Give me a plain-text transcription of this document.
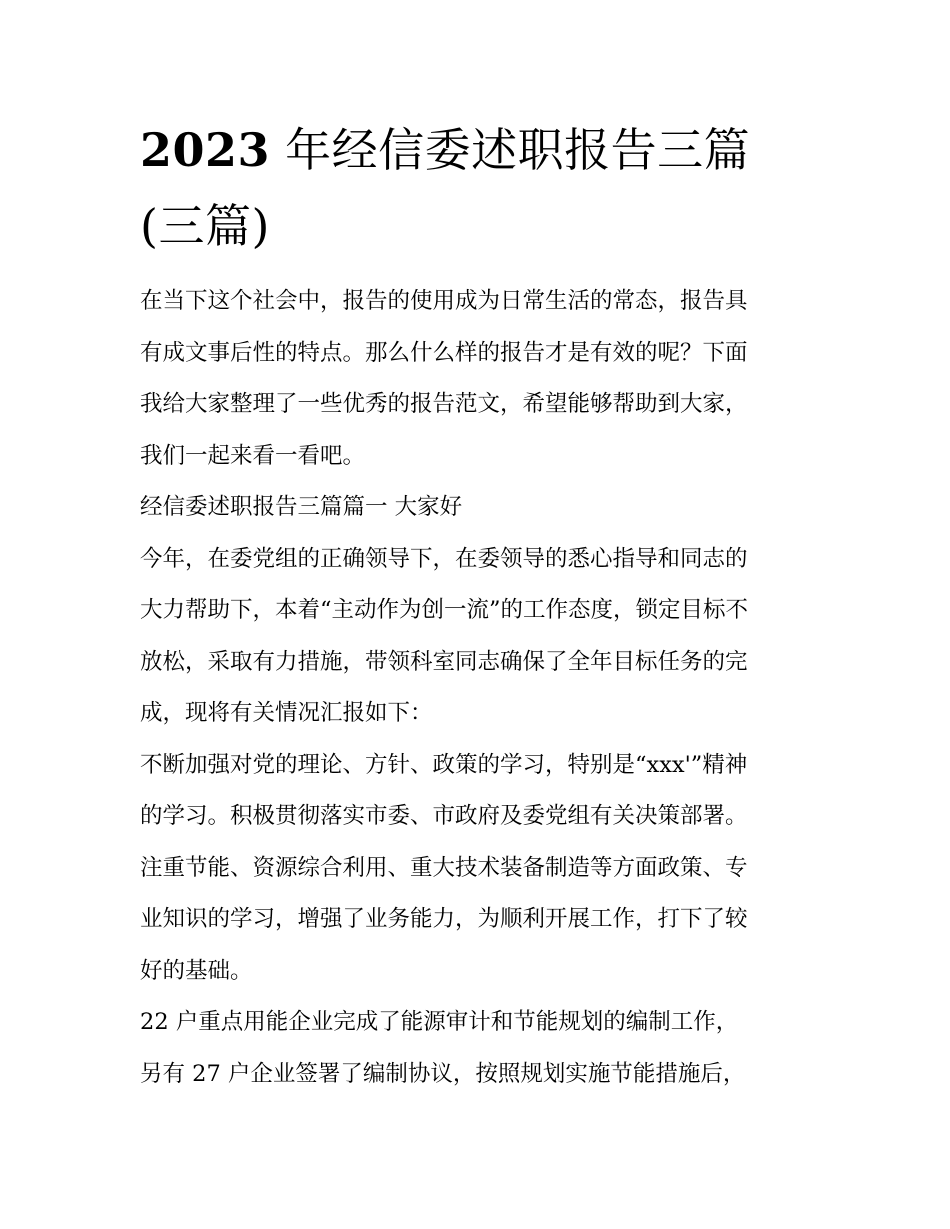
2023 年经信委述职报告三篇
(三篇)

在当下这个社会中，报告的使用成为日常生活的常态，报告具

有成文事后性的特点。那么什么样的报告才是有效的呢？下面

我给大家整理了一些优秀的报告范文，希望能够帮助到大家，

我们一起来看一看吧。

经信委述职报告三篇篇一 大家好

今年，在委党组的正确领导下，在委领导的悉心指导和同志的

大力帮助下，本着“主动作为创一流”的工作态度，锁定目标不

放松，采取有力措施，带领科室同志确保了全年目标任务的完

成，现将有关情况汇报如下：

不断加强对党的理论、方针、政策的学习，特别是“xxx'”精神

的学习。积极贯彻落实市委、市政府及委党组有关决策部署。

注重节能、资源综合利用、重大技术装备制造等方面政策、专

业知识的学习，增强了业务能力，为顺利开展工作，打下了较

好的基础。

22 户重点用能企业完成了能源审计和节能规划的编制工作，

另有 27 户企业签署了编制协议，按照规划实施节能措施后，
